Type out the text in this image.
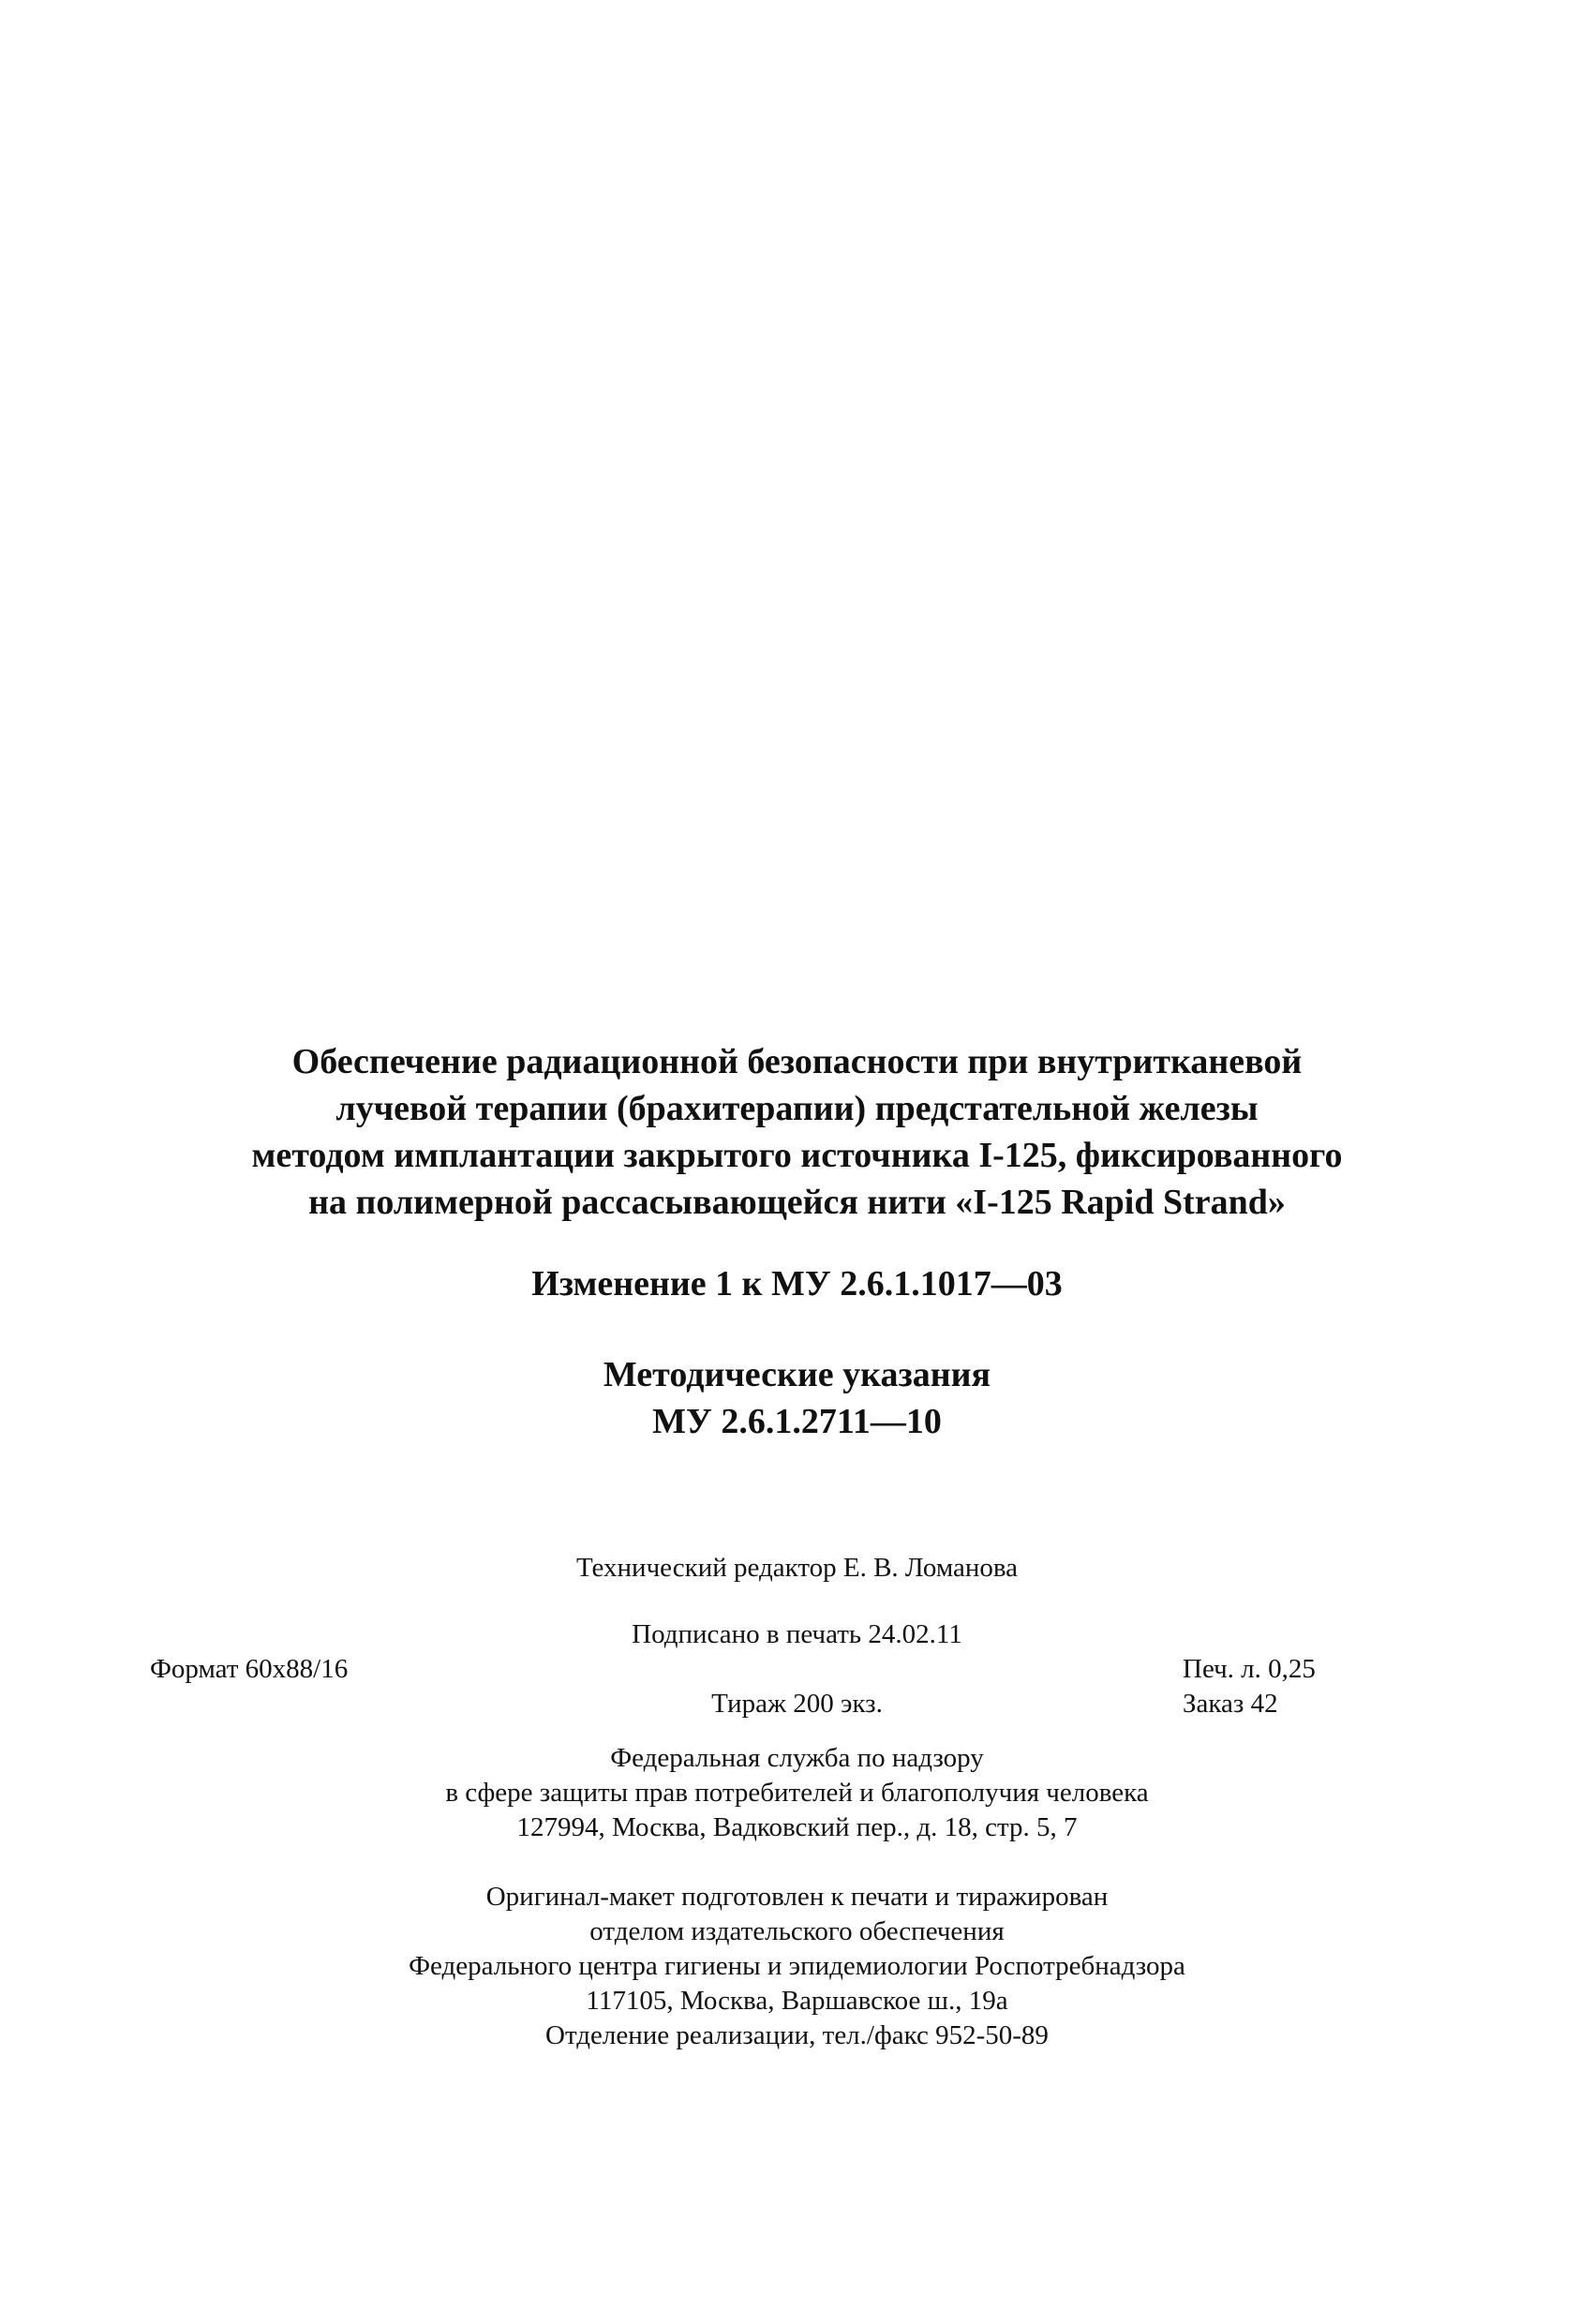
Обеспечение радиационной безопасности при внутритканевой
лучевой терапии (брахитерапии) предстательной железы
методом имплантации закрытого источника I-125, фиксированного
на полимерной рассасывающейся нити «I-125 Rapid Strand»
Изменение 1 к МУ 2.6.1.1017—03
Методические указания
МУ 2.6.1.2711—10
Технический редактор Е. В. Ломанова
Подписано в печать 24.02.11
Формат 60x88/16	Печ. л. 0,25
Тираж 200 экз.	Заказ 42
Федеральная служба по надзору
в сфере защиты прав потребителей и благополучия человека
127994, Москва, Вадковский пер., д. 18, стр. 5, 7
Оригинал-макет подготовлен к печати и тиражирован
отделом издательского обеспечения
Федерального центра гигиены и эпидемиологии Роспотребнадзора
117105, Москва, Варшавское ш., 19а
Отделение реализации, тел./факс 952-50-89
